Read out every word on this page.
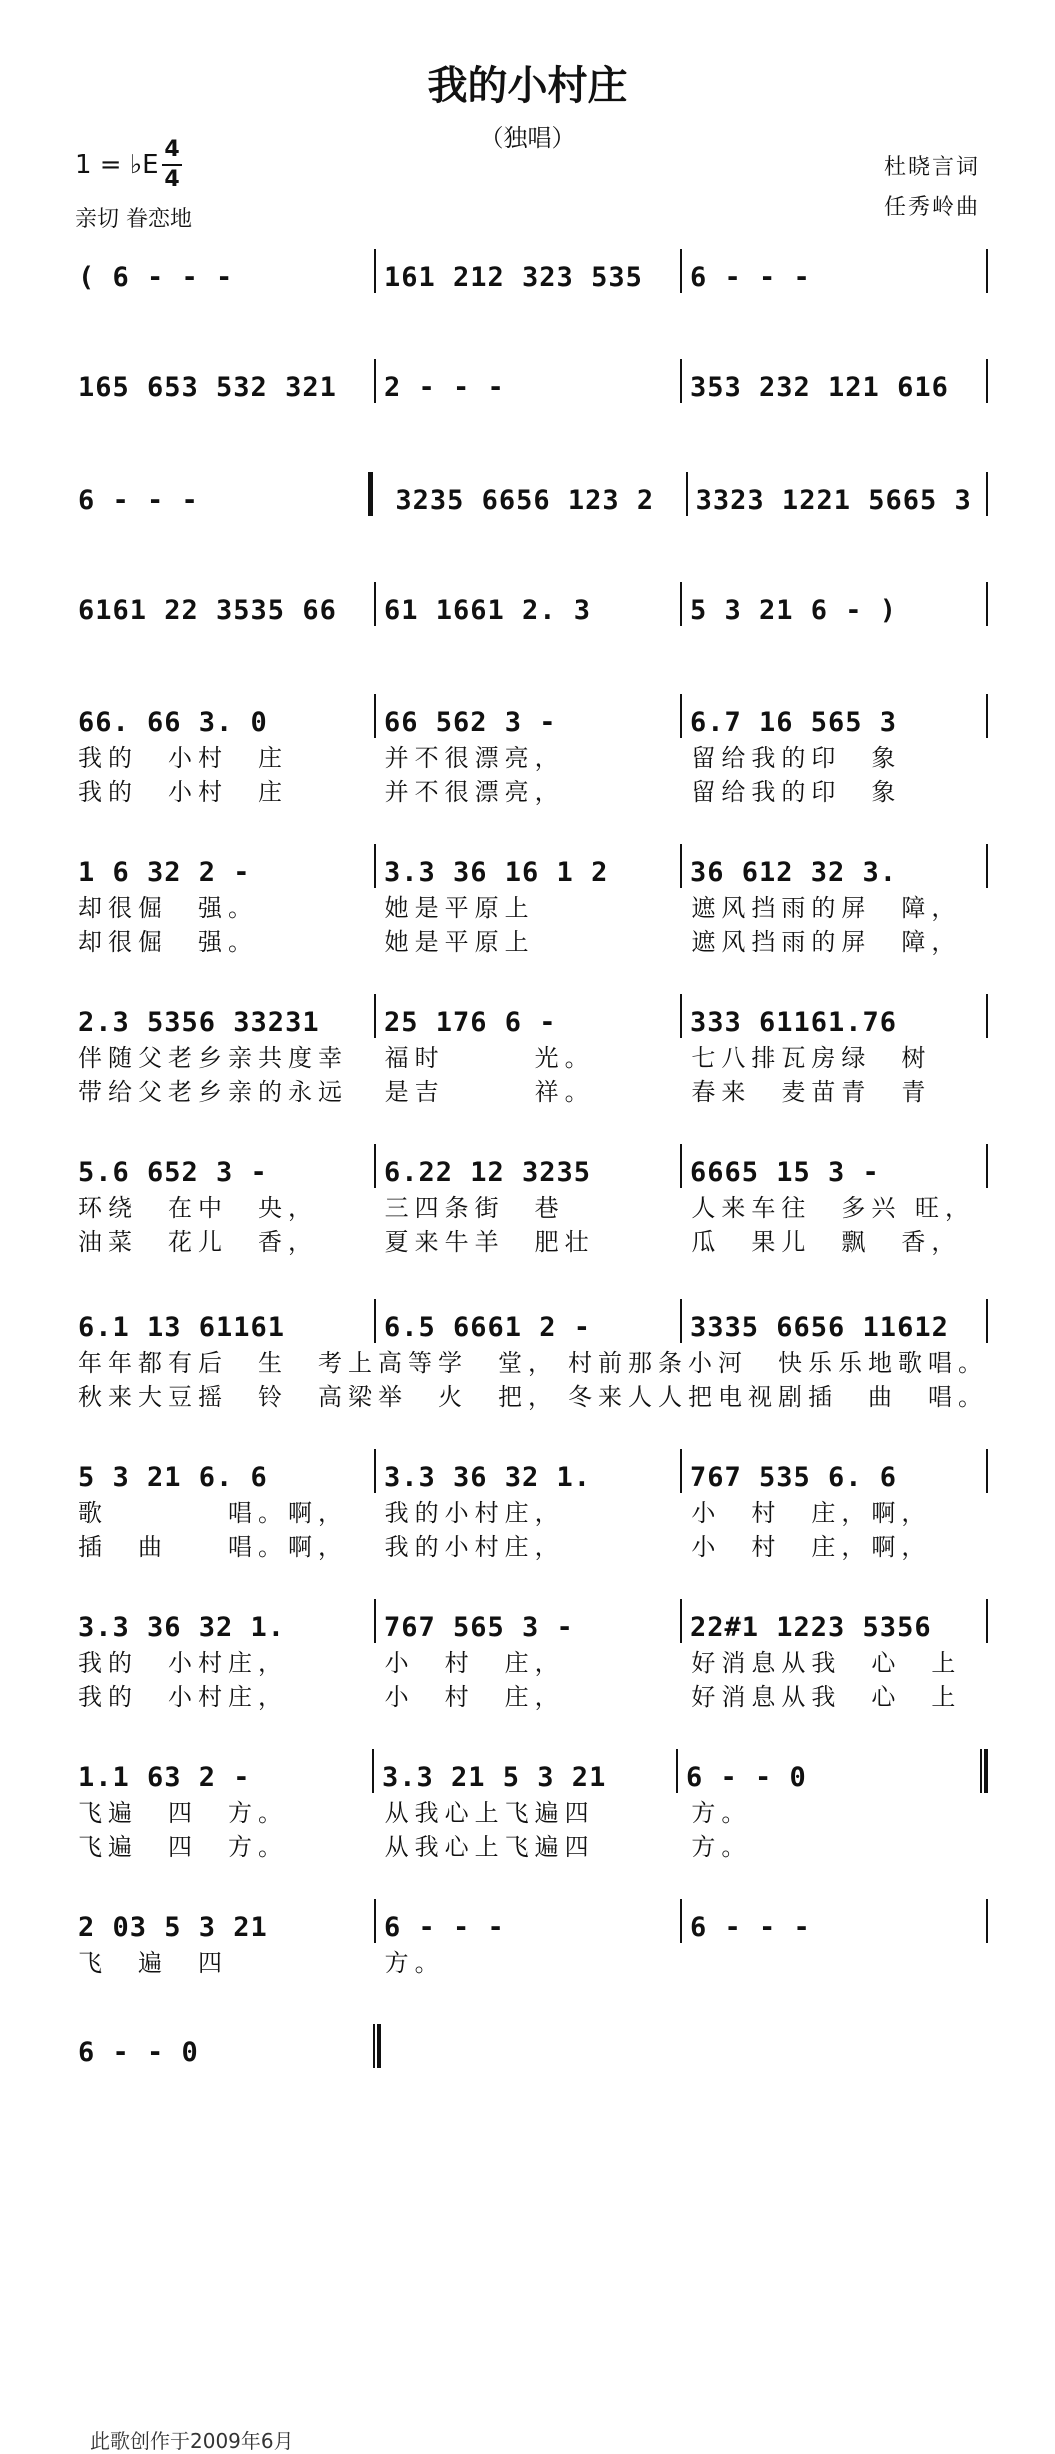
我的小村庄
（独唱）
1 = ♭E
4
4
亲切 眷恋地
杜晓言词
任秀岭曲
( 6 - - -	161 212 323 535	6 - - -
165 653 532 321	2 - - -	353 232 121 616
6 - - -	3235 6656 123 2	3323 1221 5665 3
6161 22 3535 66	61 1661 2. 3	5 3 21 6 - )
66. 66 3. 0	66 562 3 -	6.7 16 565 3
我的　小村　庄	并不很漂亮，	留给我的印　象
我的　小村　庄	并不很漂亮，	留给我的印　象
1 6 32 2 -	3.3 36 16 1 2	36 612 32 3.
却很倔　强。	她是平原上	遮风挡雨的屏　障，
却很倔　强。	她是平原上	遮风挡雨的屏　障，
2.3 5356 33231	25 176 6 -	333 61161.76
伴随父老乡亲共度幸	福时　　　光。	七八排瓦房绿　树
带给父老乡亲的永远	是吉　　　祥。	春来　麦苗青　青
5.6 652 3 -	6.22 12 3235	6665 15 3 -
环绕　在中　央，	三四条街　巷	人来车往　多兴 旺，
油菜　花儿　香，	夏来牛羊　肥壮	瓜　果儿　飘　香，
6.1 13 61161	6.5 6661 2 -	3335 6656 11612
年年都有后　生	考上高等学　堂， 村前那条小河　快乐乐地歌唱。
秋来大豆摇　铃	高梁举　火　把， 冬来人人把电视剧插　曲　唱。
5 3 21 6. 6	3.3 36 32 1.	767 535 6. 6
歌　　　　唱。啊，	我的小村庄，	小　村　庄，啊，
插　曲　　唱。啊，	我的小村庄，	小　村　庄，啊，
3.3 36 32 1.	767 565 3 -	22#1 1223 5356
我的　小村庄，	小　村　庄，	好消息从我　心　上
我的　小村庄，	小　村　庄，	好消息从我　心　上
1.1 63 2 -	3.3 21 5 3 21	6 - - 0
飞遍　四　方。	从我心上飞遍四	方。
飞遍　四　方。	从我心上飞遍四	方。
2 03 5 3 21	6 - - -	6 - - -
飞　遍　四	方。
6 - - 0
此歌创作于2009年6月
